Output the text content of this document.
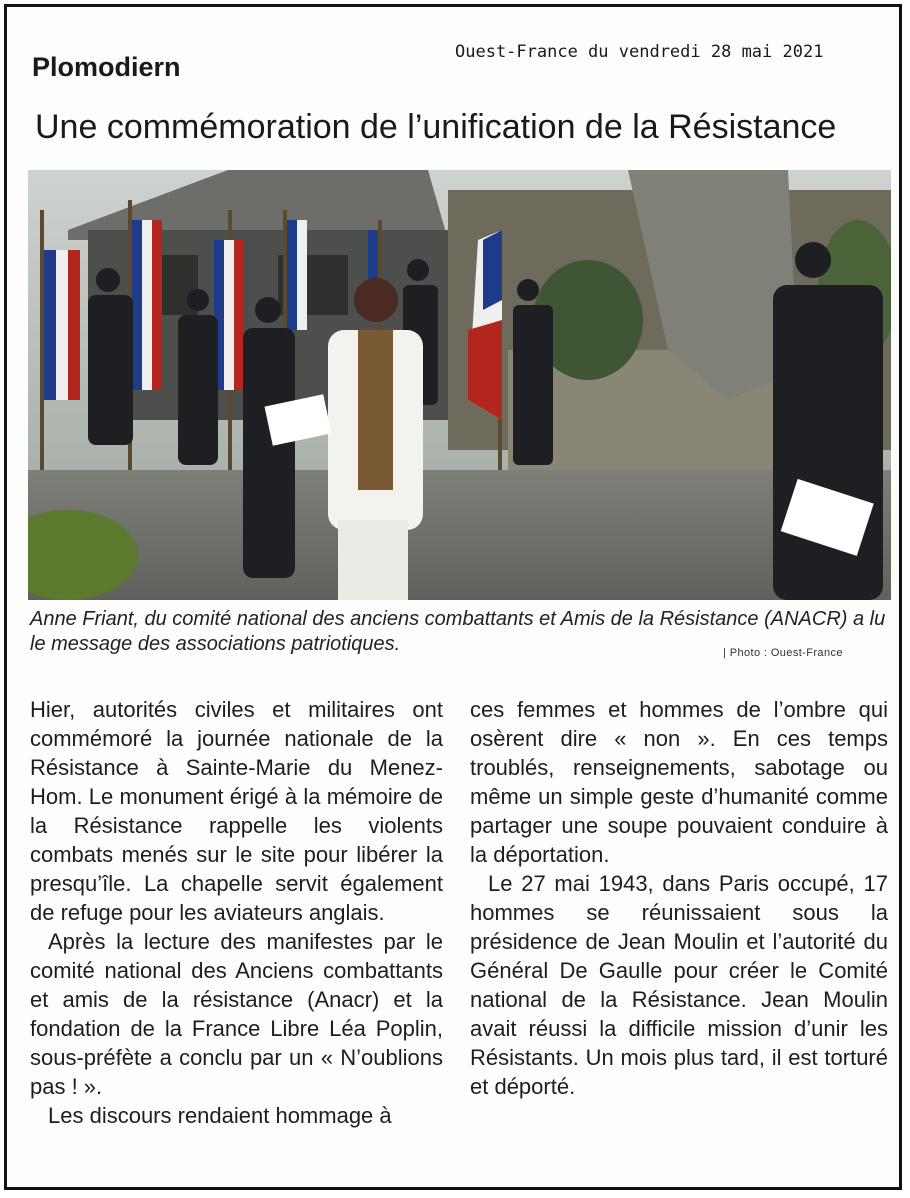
Plomodiern	Ouest-France du vendredi 28 mai 2021
Une commémoration de l’unification de la Résistance
Anne Friant, du comité national des anciens combattants et Amis de la Résistance (ANACR) a lu le message des associations patriotiques.	| Photo : Ouest-France

Hier, autorités civiles et militaires ont commémoré la journée nationale de la Résistance à Sainte-Marie du Menez-Hom. Le monument érigé à la mémoire de la Résistance rappelle les violents combats menés sur le site pour libérer la presqu’île. La chapelle servit également de refuge pour les aviateurs anglais.

Après la lecture des manifestes par le comité national des Anciens combattants et amis de la résistance (Anacr) et la fondation de la France Libre Léa Poplin, sous-préfète a conclu par un « N’oublions pas ! ».

Les discours rendaient hommage à

ces femmes et hommes de l’ombre qui osèrent dire « non ». En ces temps troublés, renseignements, sabotage ou même un simple geste d’humanité comme partager une soupe pouvaient conduire à la déportation.

Le 27 mai 1943, dans Paris occupé, 17 hommes se réunissaient sous la présidence de Jean Moulin et l’autorité du Général De Gaulle pour créer le Comité national de la Résistance. Jean Moulin avait réussi la difficile mission d’unir les Résistants. Un mois plus tard, il est torturé et déporté.
